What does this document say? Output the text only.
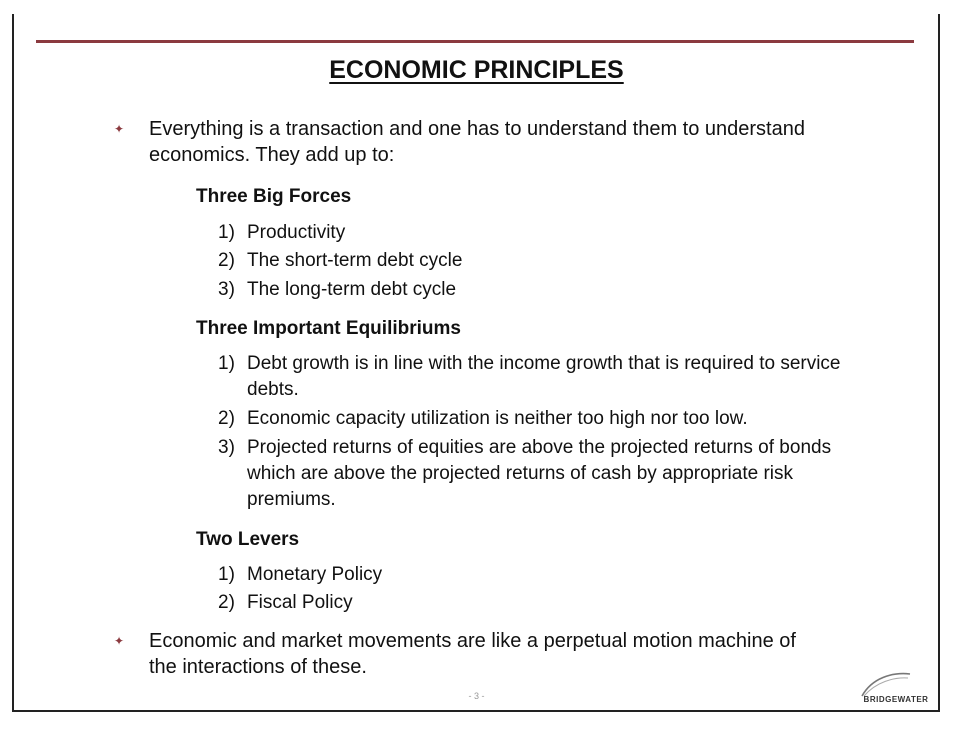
ECONOMIC PRINCIPLES
✦ Everything is a transaction and one has to understand them to understand economics. They add up to:
Three Big Forces
1) Productivity
2) The short-term debt cycle
3) The long-term debt cycle
Three Important Equilibriums
1) Debt growth is in line with the income growth that is required to service debts.
2) Economic capacity utilization is neither too high nor too low.
3) Projected returns of equities are above the projected returns of bonds which are above the projected returns of cash by appropriate risk premiums.
Two Levers
1) Monetary Policy
2) Fiscal Policy
✦ Economic and market movements are like a perpetual motion machine of the interactions of these.
- 3 -	BRIDGEWATER
